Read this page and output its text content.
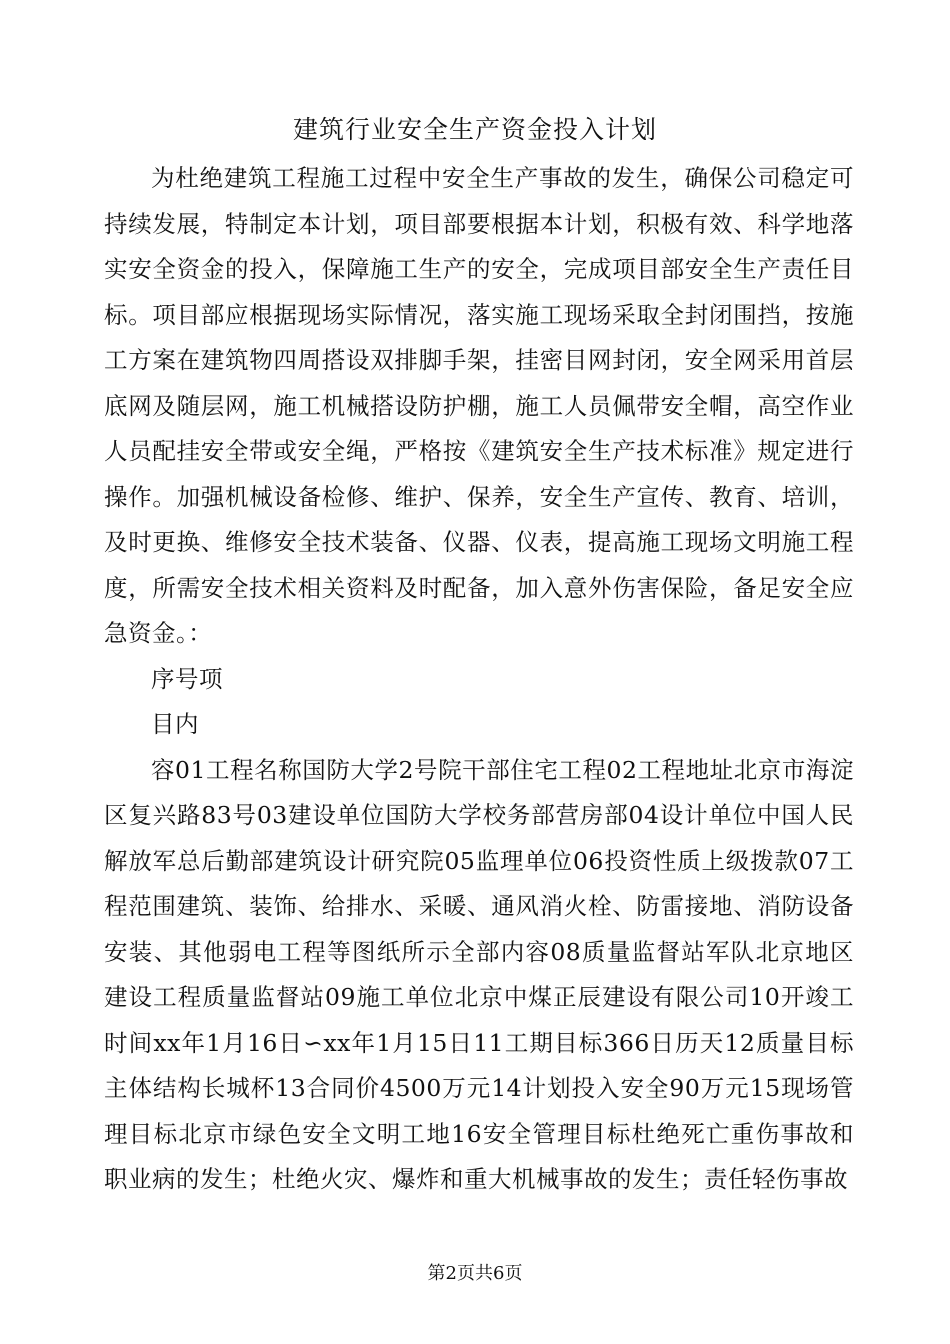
建筑行业安全生产资金投入计划

为杜绝建筑工程施工过程中安全生产事故的发生，确保公司稳定可持续发展，特制定本计划，项目部要根据本计划，积极有效、科学地落实安全资金的投入，保障施工生产的安全，完成项目部安全生产责任目标。项目部应根据现场实际情况，落实施工现场采取全封闭围挡，按施工方案在建筑物四周搭设双排脚手架，挂密目网封闭，安全网采用首层底网及随层网，施工机械搭设防护棚，施工人员佩带安全帽，高空作业人员配挂安全带或安全绳，严格按《建筑安全生产技术标准》规定进行操作。加强机械设备检修、维护、保养，安全生产宣传、教育、培训，及时更换、维修安全技术装备、仪器、仪表，提高施工现场文明施工程度，所需安全技术相关资料及时配备，加入意外伤害保险，备足安全应急资金。：

序号项

目内

容01工程名称国防大学2号院干部住宅工程02工程地址北京市海淀区复兴路83号03建设单位国防大学校务部营房部04设计单位中国人民解放军总后勤部建筑设计研究院05监理单位06投资性质上级拨款07工程范围建筑、装饰、给排水、采暖、通风消火栓、防雷接地、消防设备安装、其他弱电工程等图纸所示全部内容08质量监督站军队北京地区建设工程质量监督站09施工单位北京中煤正辰建设有限公司10开竣工时间xx年1月16日∽xx年1月15日11工期目标366日历天12质量目标主体结构长城杯13合同价4500万元14计划投入安全90万元15现场管理目标北京市绿色安全文明工地16安全管理目标杜绝死亡重伤事故和职业病的发生；杜绝火灾、爆炸和重大机械事故的发生；责任轻伤事故

第2页共6页
